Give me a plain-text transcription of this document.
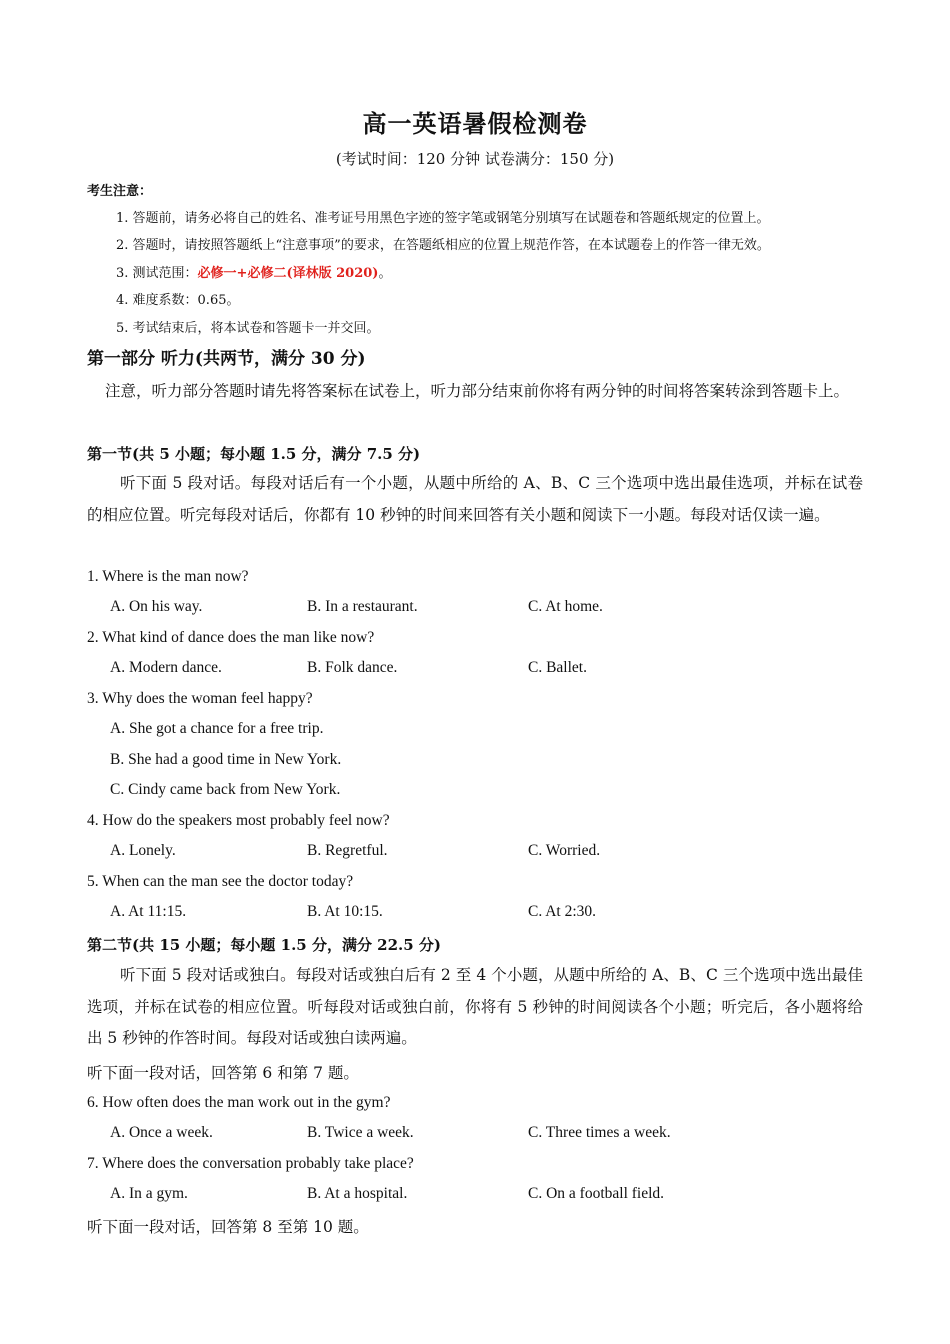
高一英语暑假检测卷
(考试时间：120 分钟 试卷满分：150 分)
考生注意：
1. 答题前，请务必将自己的姓名、准考证号用黑色字迹的签字笔或钢笔分别填写在试题卷和答题纸规定的位置上。
2. 答题时，请按照答题纸上“注意事项”的要求，在答题纸相应的位置上规范作答，在本试题卷上的作答一律无效。
3. 测试范围：必修一+必修二(译林版 2020)。
4. 难度系数：0.65。
5. 考试结束后，将本试卷和答题卡一并交回。
第一部分 听力(共两节，满分 30 分)
注意，听力部分答题时请先将答案标在试卷上，听力部分结束前你将有两分钟的时间将答案转涂到答题卡上。
第一节(共 5 小题；每小题 1.5 分，满分 7.5 分)
听下面 5 段对话。每段对话后有一个小题，从题中所给的 A、B、C 三个选项中选出最佳选项，并标在试卷的相应位置。听完每段对话后，你都有 10 秒钟的时间来回答有关小题和阅读下一小题。每段对话仅读一遍。
1. Where is the man now?
A. On his way.	B. In a restaurant.	C. At home.
2. What kind of dance does the man like now?
A. Modern dance.	B. Folk dance.	C. Ballet.
3. Why does the woman feel happy?
A. She got a chance for a free trip.
B. She had a good time in New York.
C. Cindy came back from New York.
4. How do the speakers most probably feel now?
A. Lonely.	B. Regretful.	C. Worried.
5. When can the man see the doctor today?
A. At 11:15.	B. At 10:15.	C. At 2:30.
第二节(共 15 小题；每小题 1.5 分，满分 22.5 分)
听下面 5 段对话或独白。每段对话或独白后有 2 至 4 个小题，从题中所给的 A、B、C 三个选项中选出最佳选项，并标在试卷的相应位置。听每段对话或独白前，你将有 5 秒钟的时间阅读各个小题；听完后，各小题将给出 5 秒钟的作答时间。每段对话或独白读两遍。
听下面一段对话，回答第 6 和第 7 题。
6. How often does the man work out in the gym?
A. Once a week.	B. Twice a week.	C. Three times a week.
7. Where does the conversation probably take place?
A. In a gym.	B. At a hospital.	C. On a football field.
听下面一段对话，回答第 8 至第 10 题。
